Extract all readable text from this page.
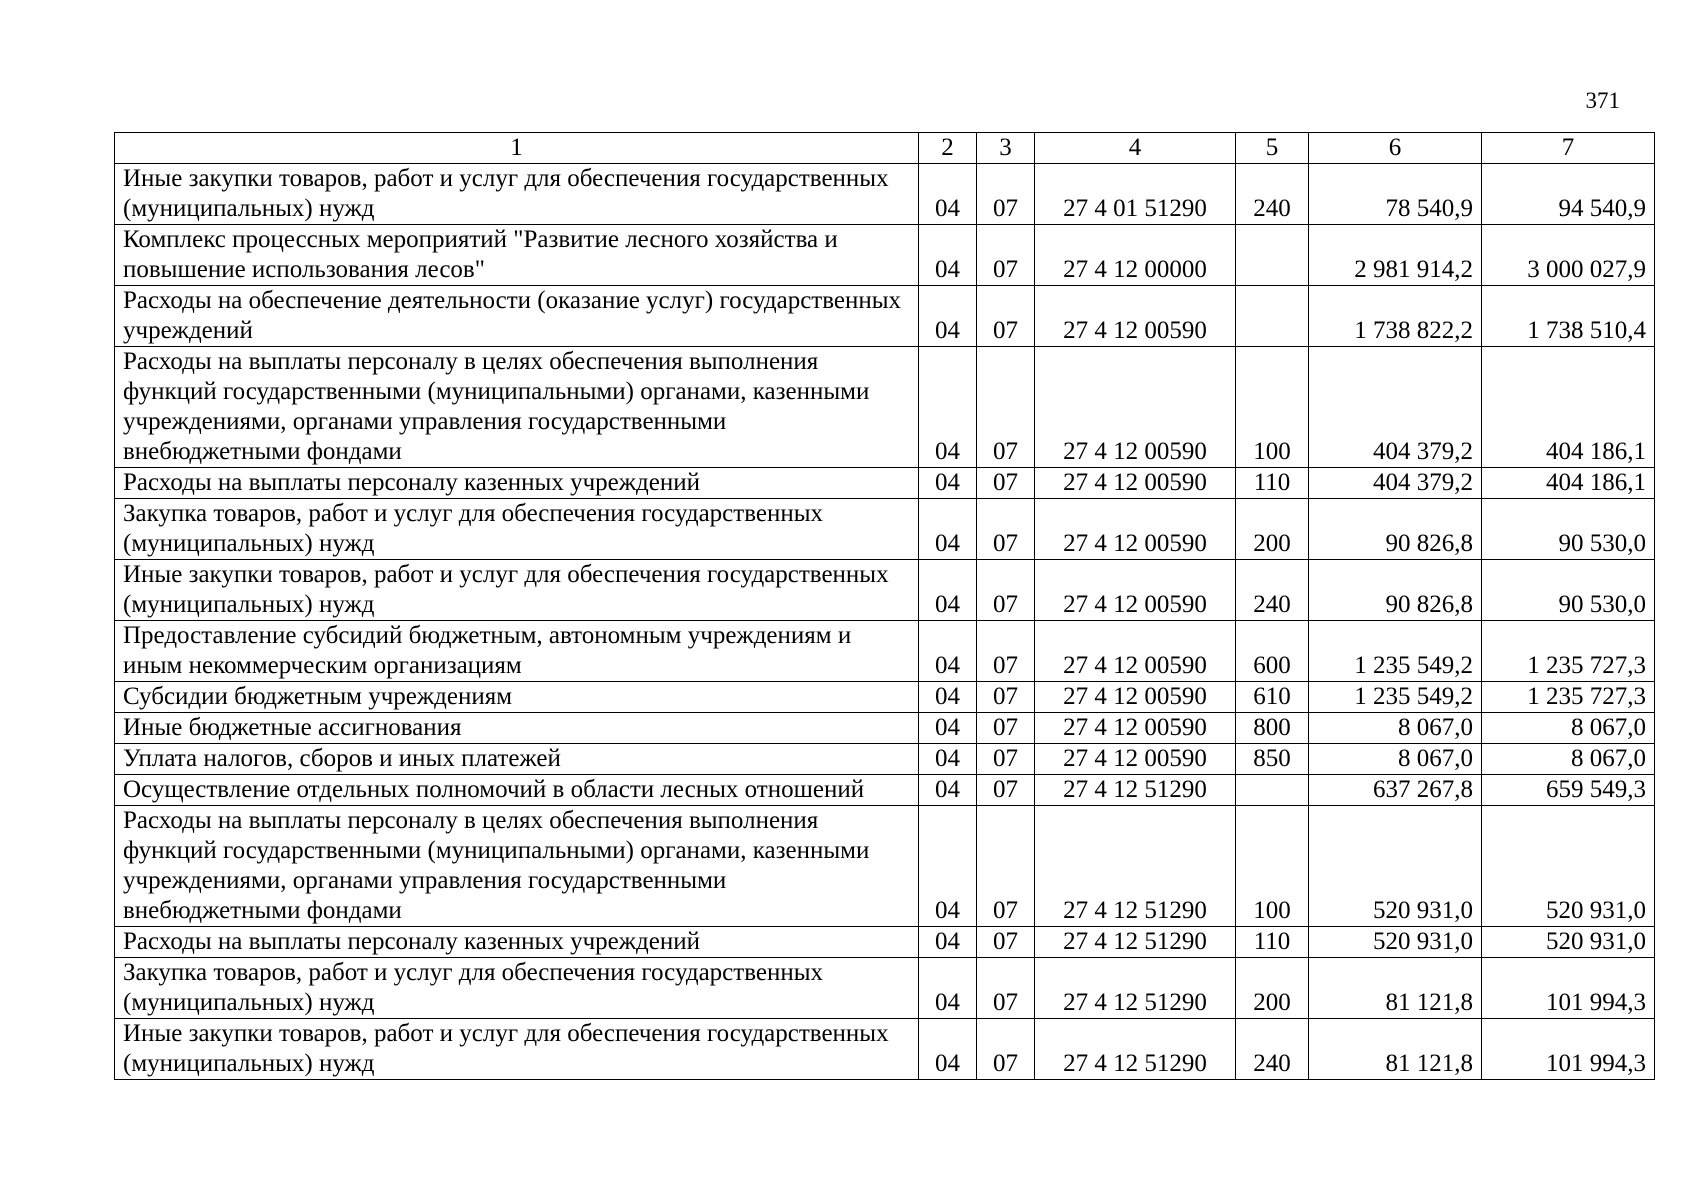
371
1	2	3	4	5	6	7
Иные закупки товаров, работ и услуг для обеспечения государственных (муниципальных) нужд	04	07	27 4 01 51290	240	78 540,9	94 540,9
Комплекс процессных мероприятий "Развитие лесного хозяйства и повышение использования лесов"	04	07	27 4 12 00000		2 981 914,2	3 000 027,9
Расходы на обеспечение деятельности (оказание услуг) государственных учреждений	04	07	27 4 12 00590		1 738 822,2	1 738 510,4
Расходы на выплаты персоналу в целях обеспечения выполнения функций государственными (муниципальными) органами, казенными учреждениями, органами управления государственными внебюджетными фондами	04	07	27 4 12 00590	100	404 379,2	404 186,1
Расходы на выплаты персоналу казенных учреждений	04	07	27 4 12 00590	110	404 379,2	404 186,1
Закупка товаров, работ и услуг для обеспечения государственных (муниципальных) нужд	04	07	27 4 12 00590	200	90 826,8	90 530,0
Иные закупки товаров, работ и услуг для обеспечения государственных (муниципальных) нужд	04	07	27 4 12 00590	240	90 826,8	90 530,0
Предоставление субсидий бюджетным, автономным учреждениям и иным некоммерческим организациям	04	07	27 4 12 00590	600	1 235 549,2	1 235 727,3
Субсидии бюджетным учреждениям	04	07	27 4 12 00590	610	1 235 549,2	1 235 727,3
Иные бюджетные ассигнования	04	07	27 4 12 00590	800	8 067,0	8 067,0
Уплата налогов, сборов и иных платежей	04	07	27 4 12 00590	850	8 067,0	8 067,0
Осуществление отдельных полномочий в области лесных отношений	04	07	27 4 12 51290		637 267,8	659 549,3
Расходы на выплаты персоналу в целях обеспечения выполнения функций государственными (муниципальными) органами, казенными учреждениями, органами управления государственными внебюджетными фондами	04	07	27 4 12 51290	100	520 931,0	520 931,0
Расходы на выплаты персоналу казенных учреждений	04	07	27 4 12 51290	110	520 931,0	520 931,0
Закупка товаров, работ и услуг для обеспечения государственных (муниципальных) нужд	04	07	27 4 12 51290	200	81 121,8	101 994,3
Иные закупки товаров, работ и услуг для обеспечения государственных (муниципальных) нужд	04	07	27 4 12 51290	240	81 121,8	101 994,3
